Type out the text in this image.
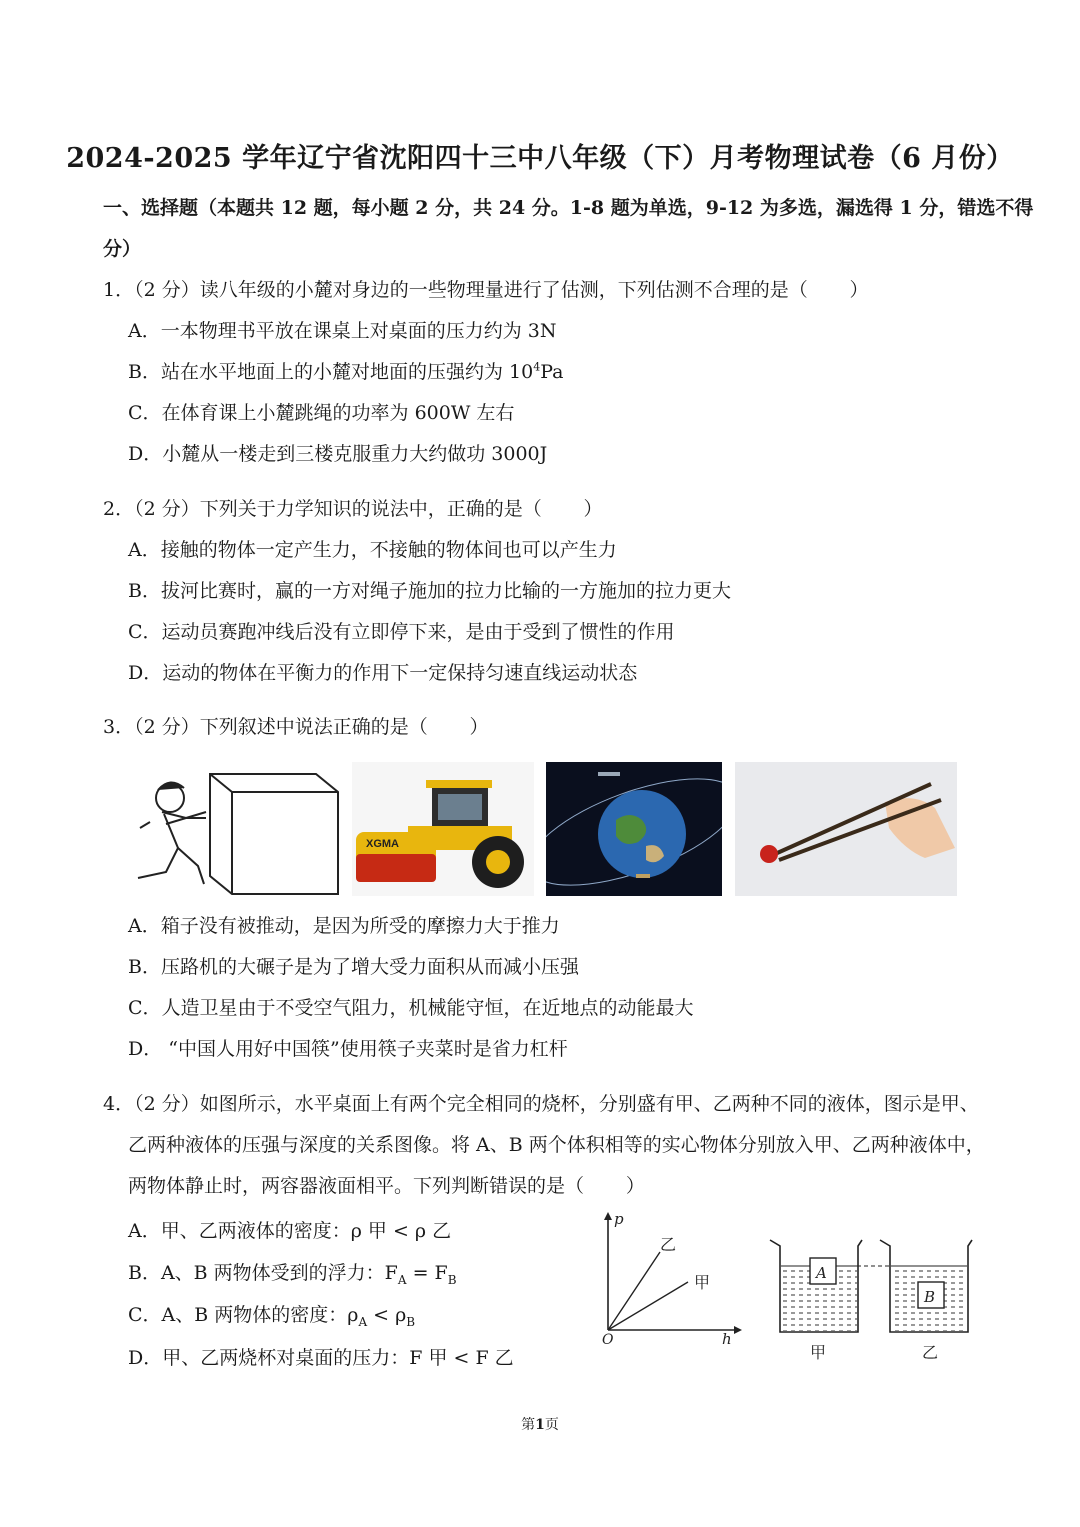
2024-2025 学年辽宁省沈阳四十三中八年级（下）月考物理试卷（6 月份）
一、选择题（本题共 12 题，每小题 2 分，共 24 分。1-8 题为单选，9-12 为多选，漏选得 1 分，错选不得
分）
1．（2 分）读八年级的小麓对身边的一些物理量进行了估测，下列估测不合理的是（ ）
A．一本物理书平放在课桌上对桌面的压力约为 3N
B．站在水平地面上的小麓对地面的压强约为 $10^4Pa$
C．在体育课上小麓跳绳的功率为 600W 左右
D．小麓从一楼走到三楼克服重力大约做功 3000J
2．（2 分）下列关于力学知识的说法中，正确的是（ ）
A．接触的物体一定产生力，不接触的物体间也可以产生力
B．拔河比赛时，赢的一方对绳子施加的拉力比输的一方施加的拉力更大
C．运动员赛跑冲线后没有立即停下来，是由于受到了惯性的作用
D．运动的物体在平衡力的作用下一定保持匀速直线运动状态
3．（2 分）下列叙述中说法正确的是（ ）
XGMA
A．箱子没有被推动，是因为所受的摩擦力大于推力
B．压路机的大碾子是为了增大受力面积从而减小压强
C．人造卫星由于不受空气阻力，机械能守恒，在近地点的动能最大
D． “中国人用好中国筷”使用筷子夹菜时是省力杠杆
4．（2 分）如图所示，水平桌面上有两个完全相同的烧杯，分别盛有甲、乙两种不同的液体，图示是甲、
乙两种液体的压强与深度的关系图像。将 A、B 两个体积相等的实心物体分别放入甲、乙两种液体中，
两物体静止时，两容器液面相平。下列判断错误的是（ ）
A．甲、乙两液体的密度：ρ 甲 < ρ 乙
B．A、B 两物体受到的浮力：$F_A = F_B$
C．A、B 两物体的密度：$\rho_A < \rho_B$
D．甲、乙两烧杯对桌面的压力：F 甲 < F 乙
p
h
O
乙
甲	A
B
甲	乙
第1页
